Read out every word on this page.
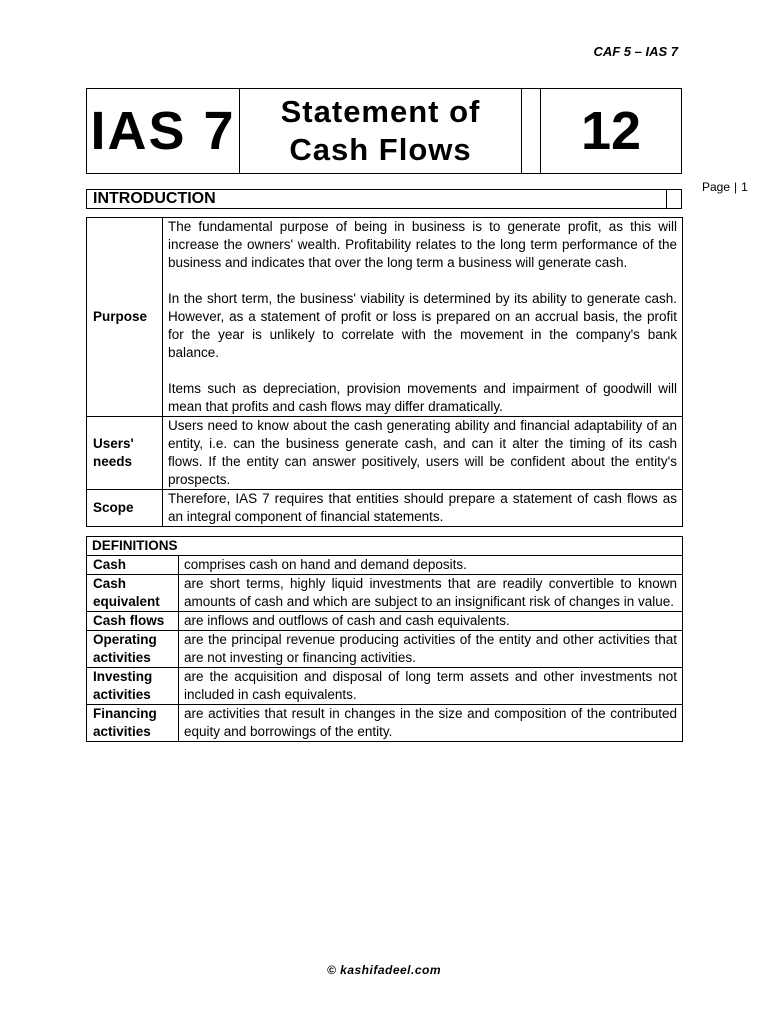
CAF 5 – IAS 7
Page | 1
IAS 7 Statement of
Cash Flows	12
INTRODUCTION
Purpose	The fundamental purpose of being in business is to generate profit, as this will increase the owners' wealth. Profitability relates to the long term performance of the business and indicates that over the long term a business will generate cash.

In the short term, the business' viability is determined by its ability to generate cash. However, as a statement of profit or loss is prepared on an accrual basis, the profit for the year is unlikely to correlate with the movement in the company's bank balance.

Items such as depreciation, provision movements and impairment of goodwill will mean that profits and cash flows may differ dramatically.

Users' needs	Users need to know about the cash generating ability and financial adaptability of an entity, i.e. can the business generate cash, and can it alter the timing of its cash flows. If the entity can answer positively, users will be confident about the entity's prospects.

Scope	Therefore, IAS 7 requires that entities should prepare a statement of cash flows as an integral component of financial statements.

DEFINITIONS	
Cash	comprises cash on hand and demand deposits.
Cash equivalent	are short terms, highly liquid investments that are readily convertible to known amounts of cash and which are subject to an insignificant risk of changes in value.
Cash flows	are inflows and outflows of cash and cash equivalents.
Operating activities	are the principal revenue producing activities of the entity and other activities that are not investing or financing activities.
Investing activities	are the acquisition and disposal of long term assets and other investments not included in cash equivalents.
Financing activities	are activities that result in changes in the size and composition of the contributed equity and borrowings of the entity.
© kashifadeel.com
